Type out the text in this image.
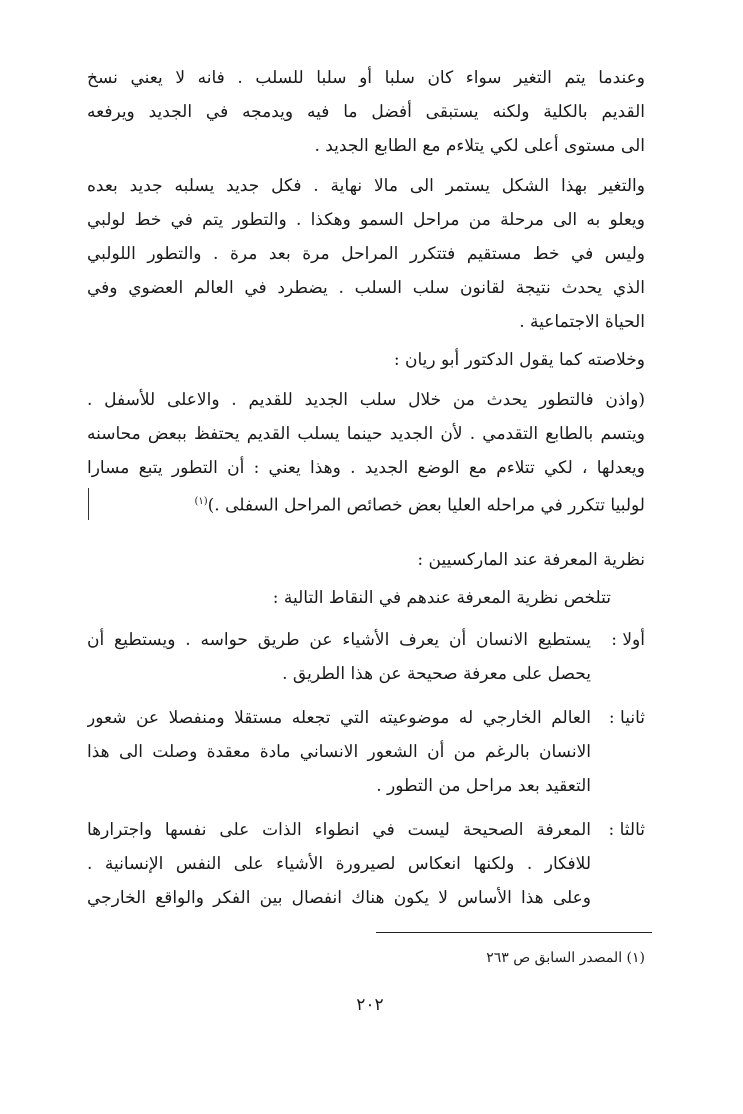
وعندما يتم التغير سواء كان سلبا أو سلبا للسلب . فانه لا يعني نسخ
القديم بالكلية ولكنه يستبقى أفضل ما فيه ويدمجه في الجديد ويرفعه
الى مستوى أعلى لكي يتلاءم مع الطابع الجديد .
والتغير بهذا الشكل يستمر الى مالا نهاية . فكل جديد يسلبه جديد بعده
ويعلو به الى مرحلة من مراحل السمو وهكذا . والتطور يتم في خط لولبي
وليس في خط مستقيم فتتكرر المراحل مرة بعد مرة . والتطور اللولبي
الذي يحدث نتيجة لقانون سلب السلب . يضطرد في العالم العضوي وفي
الحياة الاجتماعية .
وخلاصته كما يقول الدكتور أبو ريان :
(واذن فالتطور يحدث من خلال سلب الجديد للقديم . والاعلى للأسفل .
ويتسم بالطابع التقدمي . لأن الجديد حينما يسلب القديم يحتفظ ببعض محاسنه
ويعدلها ، لكي تتلاءم مع الوضع الجديد . وهذا يعني : أن التطور يتبع مسارا
لولبيا تتكرر في مراحله العليا بعض خصائص المراحل السفلى .)$^{(١)}$
نظرية المعرفة عند الماركسيين :
تتلخص نظرية المعرفة عندهم في النقاط التالية :
أولا :
يستطيع الانسان أن يعرف الأشياء عن طريق حواسه . ويستطيع أن
يحصل على معرفة صحيحة عن هذا الطريق .
ثانيا :
العالم الخارجي له موضوعيته التي تجعله مستقلا ومنفصلا عن شعور
الانسان بالرغم من أن الشعور الانساني مادة معقدة وصلت الى هذا
التعقيد بعد مراحل من التطور .
ثالثا :
المعرفة الصحيحة ليست في انطواء الذات على نفسها واجترارها
للافكار . ولكنها انعكاس لصيرورة الأشياء على النفس الإنسانية .
وعلى هذا الأساس لا يكون هناك انفصال بين الفكر والواقع الخارجي
(١) المصدر السابق ص ٢٦٣
٢٠٢
